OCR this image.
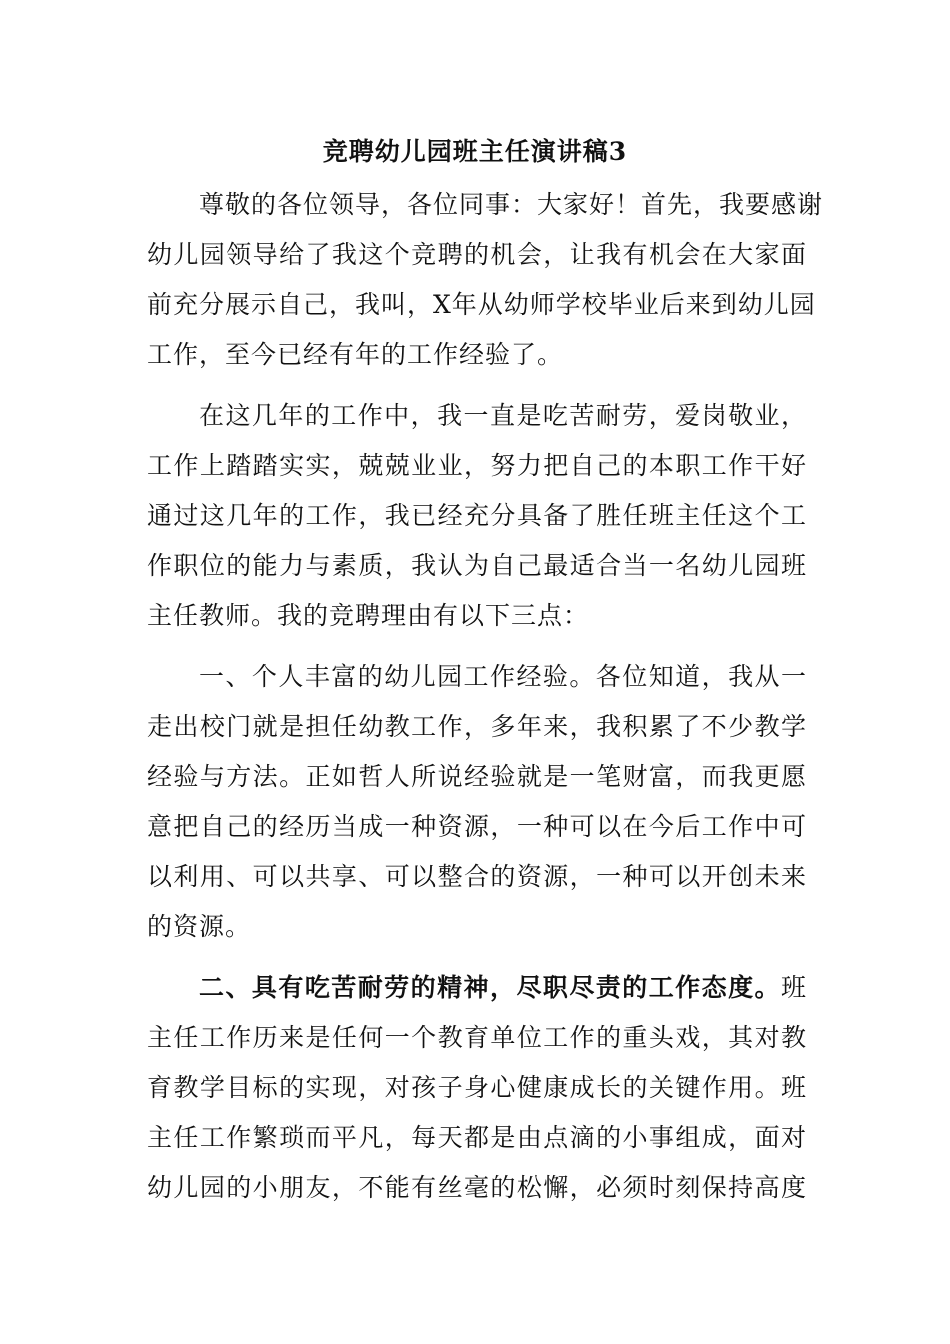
竞聘幼儿园班主任演讲稿3
尊敬的各位领导，各位同事：大家好！首先，我要感谢
幼儿园领导给了我这个竞聘的机会，让我有机会在大家面
前充分展示自己，我叫，X年从幼师学校毕业后来到幼儿园
工作，至今已经有年的工作经验了。
在这几年的工作中，我一直是吃苦耐劳，爱岗敬业，
工作上踏踏实实，兢兢业业，努力把自己的本职工作干好
通过这几年的工作，我已经充分具备了胜任班主任这个工
作职位的能力与素质，我认为自己最适合当一名幼儿园班
主任教师。我的竞聘理由有以下三点：
一、个人丰富的幼儿园工作经验。各位知道，我从一
走出校门就是担任幼教工作，多年来，我积累了不少教学
经验与方法。正如哲人所说经验就是一笔财富，而我更愿
意把自己的经历当成一种资源，一种可以在今后工作中可
以利用、可以共享、可以整合的资源，一种可以开创未来
的资源。
二、具有吃苦耐劳的精神，尽职尽责的工作态度。班
主任工作历来是任何一个教育单位工作的重头戏，其对教
育教学目标的实现，对孩子身心健康成长的关键作用。班
主任工作繁琐而平凡，每天都是由点滴的小事组成，面对
幼儿园的小朋友，不能有丝毫的松懈，必须时刻保持高度
